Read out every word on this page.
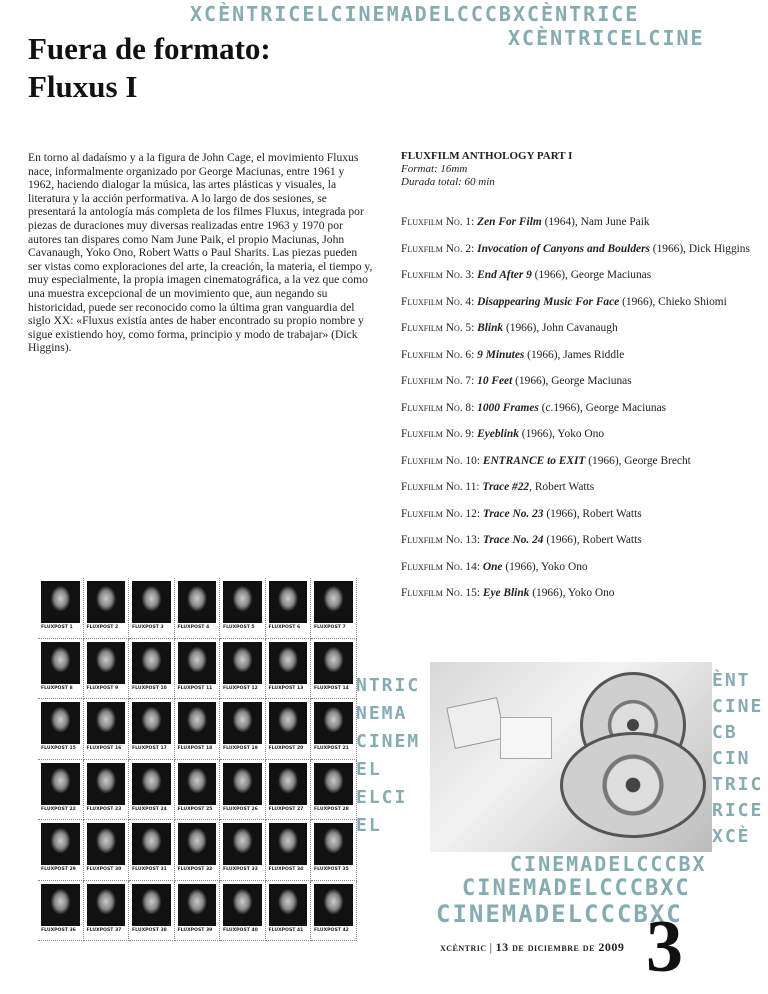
XCÈNTRICELCINEMADELCCCBXCÈNTRICE
XCÈNTRICELCINE
NTRIC NEMA CINEM EL ELCI EL
ÈNT CINE CB CIN TRIC RICE XCÈ
CINEMADELCCCBX
CINEMADELCCCBXC
CINEMADELCCCBXC
Fuera de formato:
Fluxus I
En torno al dadaísmo y a la figura de John Cage, el movimiento Fluxus nace, informalmente organizado por George Maciunas, entre 1961 y 1962, haciendo dialogar la música, las artes plásticas y visuales, la literatura y la acción performativa. A lo largo de dos sesiones, se presentará la antología más completa de los filmes Fluxus, integrada por piezas de duraciones muy diversas realizadas entre 1963 y 1970 por autores tan dispares como Nam June Paik, el propio Maciunas, John Cavanaugh, Yoko Ono, Robert Watts o Paul Sharits. Las piezas pueden ser vistas como exploraciones del arte, la creación, la materia, el tiempo y, muy especialmente, la propia imagen cinematográfica, a la vez que como una muestra excepcional de un movimiento que, aun negando su historicidad, puede ser reconocido como la última gran vanguardia del siglo XX: «Fluxus existía antes de haber encontrado su propio nombre y sigue existiendo hoy, como forma, principio y modo de trabajar» (Dick Higgins).
FLUXFILM ANTHOLOGY PART I
Format: 16mm
Durada total: 60 min
Fluxfilm No. 1: Zen For Film (1964), Nam June Paik
Fluxfilm No. 2: Invocation of Canyons and Boulders (1966), Dick Higgins
Fluxfilm No. 3: End After 9 (1966), George Maciunas
Fluxfilm No. 4: Disappearing Music For Face (1966), Chieko Shiomi
Fluxfilm No. 5: Blink (1966), John Cavanaugh
Fluxfilm No. 6: 9 Minutes (1966), James Riddle
Fluxfilm No. 7: 10 Feet (1966), George Maciunas
Fluxfilm No. 8: 1000 Frames (c.1966), George Maciunas
Fluxfilm No. 9: Eyeblink (1966), Yoko Ono
Fluxfilm No. 10: ENTRANCE to EXIT (1966), George Brecht
Fluxfilm No. 11: Trace #22, Robert Watts
Fluxfilm No. 12: Trace No. 23 (1966), Robert Watts
Fluxfilm No. 13: Trace No. 24 (1966), Robert Watts
Fluxfilm No. 14: One (1966), Yoko Ono
Fluxfilm No. 15: Eye Blink (1966), Yoko Ono
FLUXPOST 1	FLUXPOST 2	FLUXPOST 3	FLUXPOST 4	FLUXPOST 5	FLUXPOST 6	FLUXPOST 7
FLUXPOST 8	FLUXPOST 9	FLUXPOST 10	FLUXPOST 11	FLUXPOST 12	FLUXPOST 13	FLUXPOST 14
FLUXPOST 15	FLUXPOST 16	FLUXPOST 17	FLUXPOST 18	FLUXPOST 19	FLUXPOST 20	FLUXPOST 21
FLUXPOST 22	FLUXPOST 23	FLUXPOST 24	FLUXPOST 25	FLUXPOST 26	FLUXPOST 27	FLUXPOST 28
FLUXPOST 29	FLUXPOST 30	FLUXPOST 31	FLUXPOST 32	FLUXPOST 33	FLUXPOST 34	FLUXPOST 35
FLUXPOST 36	FLUXPOST 37	FLUXPOST 38	FLUXPOST 39	FLUXPOST 40	FLUXPOST 41	FLUXPOST 42
xcèntric | 13 de diciembre de 2009 3
